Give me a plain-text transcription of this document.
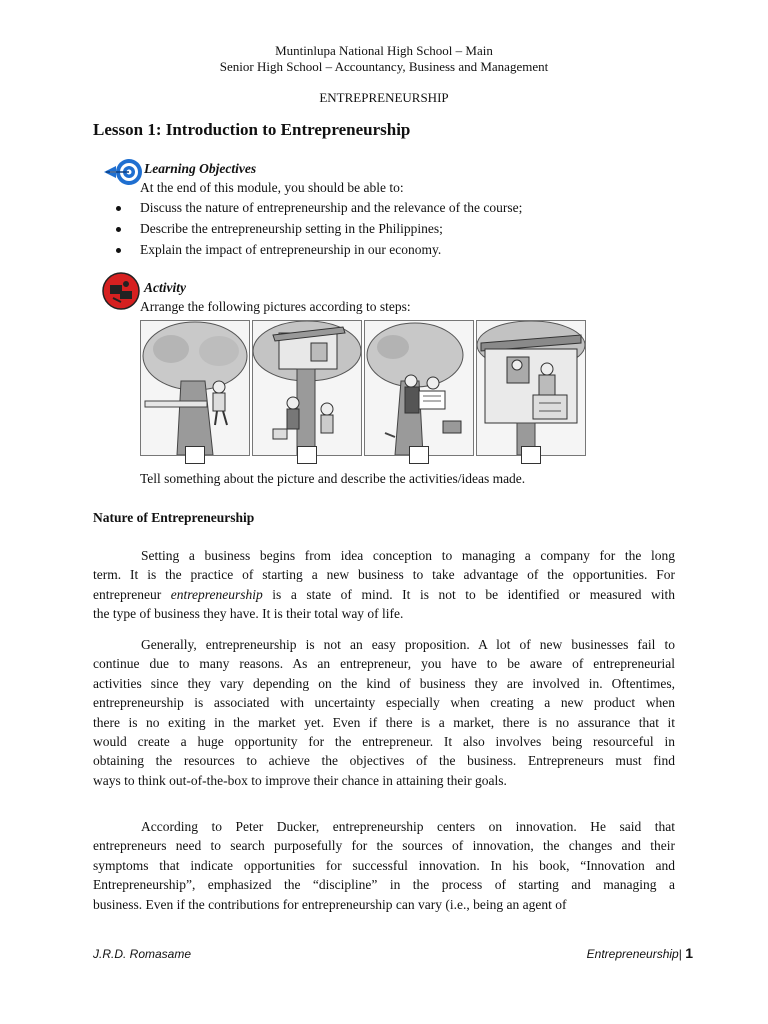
Muntinlupa National High School – Main
Senior High School – Accountancy, Business and Management
ENTREPRENEURSHIP
Lesson 1: Introduction to Entrepreneurship
Learning Objectives
At the end of this module, you should be able to:
Discuss the nature of entrepreneurship and the relevance of the course;
Describe the entrepreneurship setting in the Philippines;
Explain the impact of entrepreneurship in our economy.
Activity
Arrange the following pictures according to steps:
Tell something about the picture and describe the activities/ideas made.
Nature of Entrepreneurship
Setting a business begins from idea conception to managing a company for the long
term. It is the practice of starting a new business to take advantage of the opportunities. For
entrepreneur entrepreneurship is a state of mind. It is not to be identified or measured with
the type of business they have. It is their total way of life.
Generally, entrepreneurship is not an easy proposition. A lot of new businesses fail to
continue due to many reasons. As an entrepreneur, you have to be aware of entrepreneurial
activities since they vary depending on the kind of business they are involved in. Oftentimes,
entrepreneurship is associated with uncertainty especially when creating a new product when
there is no exiting in the market yet. Even if there is a market, there is no assurance that it
would create a huge opportunity for the entrepreneur. It also involves being resourceful in
obtaining the resources to achieve the objectives of the business. Entrepreneurs must find
ways to think out-of-the-box to improve their chance in attaining their goals.
According to Peter Ducker, entrepreneurship centers on innovation. He said that
entrepreneurs need to search purposefully for the sources of innovation, the changes and their
symptoms that indicate opportunities for successful innovation. In his book, “Innovation and
Entrepreneurship”, emphasized the “discipline” in the process of starting and managing a
business. Even if the contributions for entrepreneurship can vary (i.e., being an agent of
J.R.D. Romasame	Entrepreneurship| 1
